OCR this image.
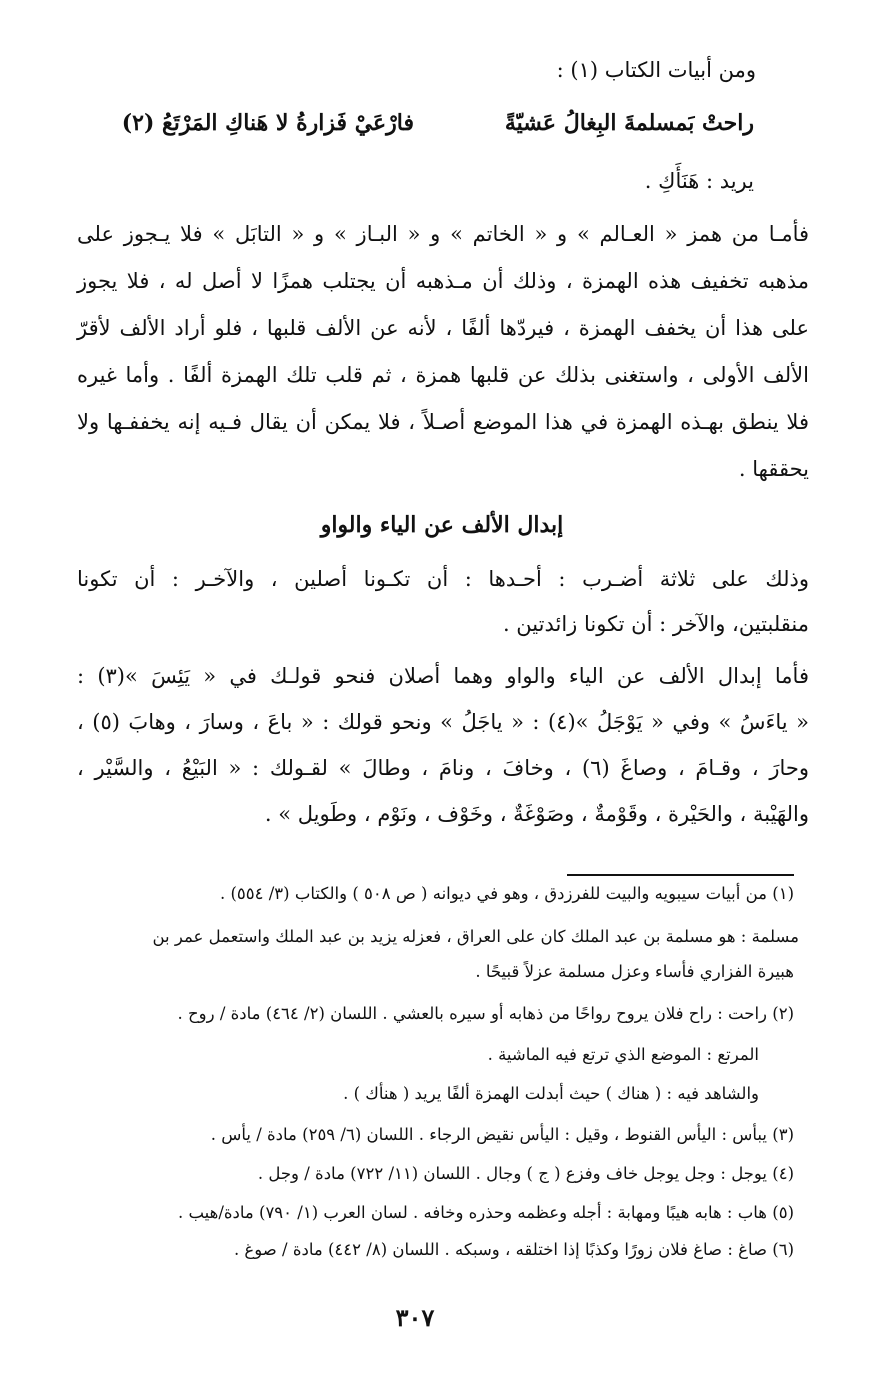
ومن أبيات الكتاب (١) :
راحتْ بَمسلمةَ البِغالُ عَشيّةً
فارْعَيْ فَزارةُ لا هَناكِ المَرْتَعُ (٢)
يريد : هَنَأَكِ .
فأمـا من همز « العـالم » و « الخاتم » و « البـاز » و « التابَل » فلا يـجوز على
مذهبه تخفيف هذه الهمزة ، وذلك أن مـذهبه أن يجتلب همزًا لا أصل له ، فلا يجوز
على هذا أن يخفف الهمزة ، فيردّها ألفًا ، لأنه عن الألف قلبها ، فلو أراد الألف لأقرّ
الألف الأولى ، واستغنى بذلك عن قلبها همزة ، ثم قلب تلك الهمزة ألفًا . وأما غيره
فلا ينطق بهـذه الهمزة في هذا الموضع أصـلاً ، فلا يمكن أن يقال فـيه إنه يخففـها ولا
يحققها .
إبدال الألف عن الياء والواو
وذلك على ثلاثة أضـرب : أحـدها : أن تكـونا أصلين ، والآخـر : أن تكونا
منقلبتين، والآخر : أن تكونا زائدتين .
فأما إبدال الألف عن الياء والواو وهما أصلان فنحو قولـك في « يَئِسَ »(٣) :
« ياءَسُ » وفي « يَوْجَلُ »(٤) : « ياجَلُ » ونحو قولك : « باعَ ، وسارَ ، وهابَ (٥) ،
وحارَ ، وقـامَ ، وصاغَ (٦) ، وخافَ ، ونامَ ، وطالَ » لقـولك : « البَيْعُ ، والسَّيْر ،
والهَيْبة ، والحَيْرة ، وقَوْمةٌ ، وصَوْغَةٌ ، وخَوْف ، ونَوْم ، وطَويل » .
(١) من أبيات سيبويه والبيت للفرزدق ، وهو في ديوانه ( ص ٥٠٨ ) والكتاب (٣/ ٥٥٤) .
مسلمة : هو مسلمة بن عبد الملك كان على العراق ، فعزله يزيد بن عبد الملك واستعمل عمر بن
هبيرة الفزاري فأساء وعزل مسلمة عزلاً قبيحًا .
(٢) راحت : راح فلان يروح رواحًا من ذهابه أو سيره بالعشي . اللسان (٢/ ٤٦٤) مادة / روح .
المرتع : الموضع الذي ترتع فيه الماشية .
والشاهد فيه : ( هناك ) حيث أبدلت الهمزة ألفًا يريد ( هنأك ) .
(٣) يبأس : اليأس القنوط ، وقيل : اليأس نقيض الرجاء . اللسان (٦/ ٢٥٩) مادة / يأس .
(٤) يوجل : وجل يوجل خاف وفزع ( ج ) وجال . اللسان (١١/ ٧٢٢) مادة / وجل .
(٥) هاب : هابه هيبًا ومهابة : أجله وعظمه وحذره وخافه . لسان العرب (١/ ٧٩٠) مادة/هيب .
(٦) صاغ : صاغ فلان زورًا وكذبًا إذا اختلقه ، وسبكه . اللسان (٨/ ٤٤٢) مادة / صوغ .
٣٠٧
